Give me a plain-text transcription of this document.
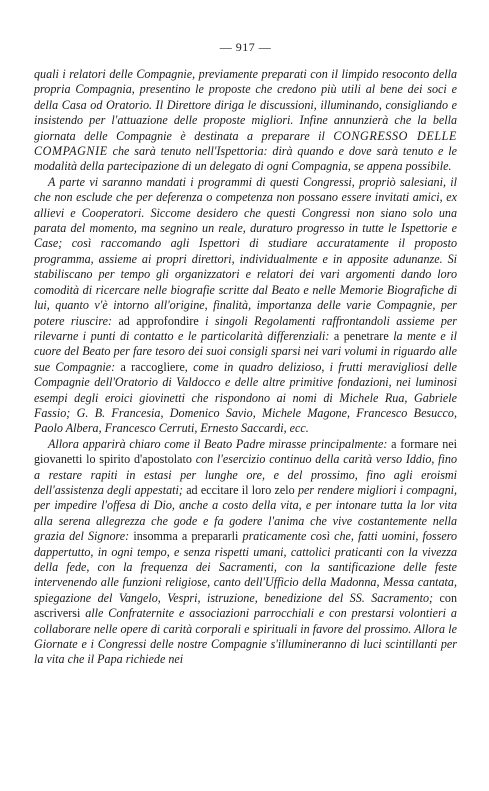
— 917 —

quali i relatori delle Compagnie, previamente preparati con il limpido resoconto della propria Compagnia, presentino le proposte che credono più utili al bene dei soci e della Casa od Oratorio. Il Direttore diriga le discussioni, illuminando, consigliando e insistendo per l'attuazione delle proposte migliori. Infine annunzierà che la bella giornata delle Compagnie è destinata a preparare il CONGRESSO DELLE COMPAGNIE che sarà tenuto nell'Ispettoria: dirà quando e dove sarà tenuto e le modalità della partecipazione di un delegato di ogni Compagnia, se appena possibile.

A parte vi saranno mandati i programmi di questi Congressi, propriò salesiani, il che non esclude che per deferenza o competenza non possano essere invitati amici, ex allievi e Cooperatori. Siccome desidero che questi Congressi non siano solo una parata del momento, ma segnino un reale, duraturo progresso in tutte le Ispettorie e Case; così raccomando agli Ispettori di studiare accuratamente il proposto programma, assieme ai propri direttori, individualmente e in apposite adunanze. Si stabiliscano per tempo gli organizzatori e relatori dei vari argomenti dando loro comodità di ricercare nelle biografie scritte dal Beato e nelle Memorie Biografiche di lui, quanto v'è intorno all'origine, finalità, importanza delle varie Compagnie, per potere riuscire: ad approfondire i singoli Regolamenti raffrontandoli assieme per rilevarne i punti di contatto e le particolarità differenziali: a penetrare la mente e il cuore del Beato per fare tesoro dei suoi consigli sparsi nei vari volumi in riguardo alle sue Compagnie: a raccogliere, come in quadro delizioso, i frutti meravigliosi delle Compagnie dell'Oratorio di Valdocco e delle altre primitive fondazioni, nei luminosi esempi degli eroici giovinetti che rispondono ai nomi di Michele Rua, Gabriele Fassio; G. B. Francesia, Domenico Savio, Michele Magone, Francesco Besucco, Paolo Albera, Francesco Cerruti, Ernesto Saccardi, ecc.

Allora apparirà chiaro come il Beato Padre mirasse principalmente: a formare nei giovanetti lo spirito d'apostolato con l'esercizio continuo della carità verso Iddio, fino a restare rapiti in estasi per lunghe ore, e del prossimo, fino agli eroismi dell'assistenza degli appestati; ad eccitare il loro zelo per rendere migliori i compagni, per impedire l'offesa di Dio, anche a costo della vita, e per intonare tutta la lor vita alla serena allegrezza che gode e fa godere l'anima che vive costantemente nella grazia del Signore: insomma a prepararli praticamente così che, fatti uomini, fossero dappertutto, in ogni tempo, e senza rispetti umani, cattolici praticanti con la vivezza della fede, con la frequenza dei Sacramenti, con la santificazione delle feste intervenendo alle funzioni religiose, canto dell'Ufficio della Madonna, Messa cantata, spiegazione del Vangelo, Vespri, istruzione, benedizione del SS. Sacramento; con ascriversi alle Confraternite e associazioni parrocchiali e con prestarsi volontieri a collaborare nelle opere di carità corporali e spirituali in favore del prossimo. Allora le Giornate e i Congressi delle nostre Compagnie s'illumineranno di luci scintillanti per la vita che il Papa richiede nei
